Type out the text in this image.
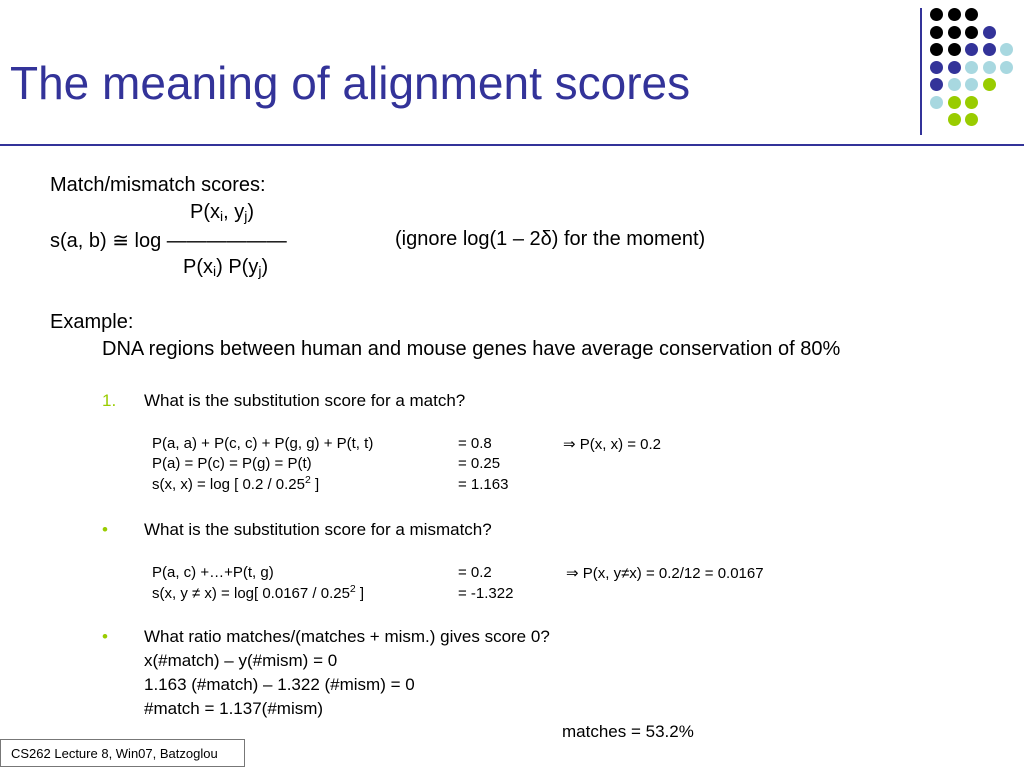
The meaning of alignment scores
Match/mismatch scores:
$P(x_i$, $y_j$)
s(a, b) ≅ log ——————	(ignore log(1 – 2δ) for the moment)
$P(x_i)$ $P(y_j)$
Example:
DNA regions between human and mouse genes have average conservation of 80%
1. What is the substitution score for a match?
P(a, a) + P(c, c) + P(g, g) + P(t, t)	= 0.8	⇒ P(x, x) = 0.2
P(a) = P(c) = P(g) = P(t)	= 0.25
s(x, x) = log [ 0.2 / 0.25$^2$ ]	= 1.163
• What is the substitution score for a mismatch?
P(a, c) +…+P(t, g)	= 0.2	⇒ P(x, y≠x) = 0.2/12 = 0.0167
s(x, y ≠ x) = log[ 0.0167 / 0.25$^2$ ]	= -1.322
• What ratio matches/(matches + mism.) gives score 0?
x(#match) – y(#mism) = 0
1.163 (#match) – 1.322 (#mism) = 0
#match = 1.137(#mism)
matches = 53.2%
CS262 Lecture 8, Win07, Batzoglou
